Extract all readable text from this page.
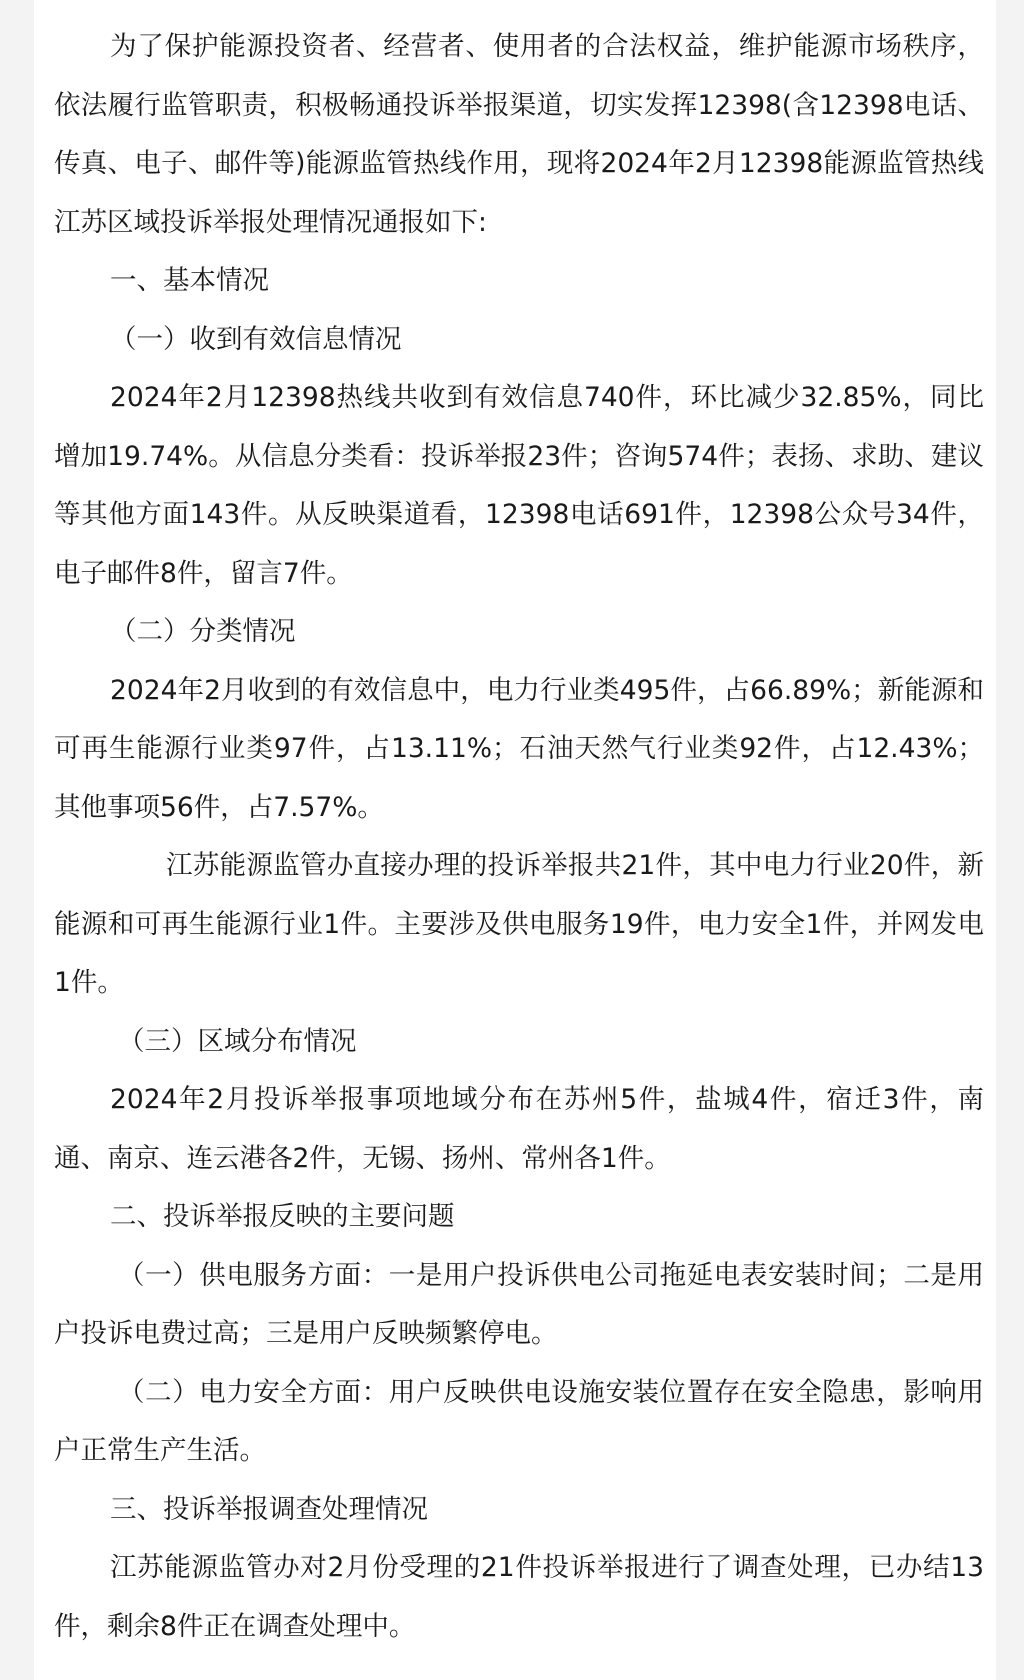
为了保护能源投资者、经营者、使用者的合法权益，维护能源市场秩序，依法履行监管职责，积极畅通投诉举报渠道，切实发挥12398(含12398电话、传真、电子、邮件等)能源监管热线作用，现将2024年2月12398能源监管热线江苏区域投诉举报处理情况通报如下:

一、基本情况

（一）收到有效信息情况

2024年2月12398热线共收到有效信息740件，环比减少32.85%，同比增加19.74%。从信息分类看：投诉举报23件；咨询574件；表扬、求助、建议等其他方面143件。从反映渠道看，12398电话691件，12398公众号34件，电子邮件8件，留言7件。

（二）分类情况

2024年2月收到的有效信息中，电力行业类495件，占66.89%；新能源和可再生能源行业类97件，占13.11%；石油天然气行业类92件，占12.43%；其他事项56件，占7.57%。

江苏能源监管办直接办理的投诉举报共21件，其中电力行业20件，新能源和可再生能源行业1件。主要涉及供电服务19件，电力安全1件，并网发电1件。

（三）区域分布情况

2024年2月投诉举报事项地域分布在苏州5件，盐城4件，宿迁3件，南通、南京、连云港各2件，无锡、扬州、常州各1件。

二、投诉举报反映的主要问题

（一）供电服务方面：一是用户投诉供电公司拖延电表安装时间；二是用户投诉电费过高；三是用户反映频繁停电。

（二）电力安全方面：用户反映供电设施安装位置存在安全隐患，影响用户正常生产生活。

三、投诉举报调查处理情况

江苏能源监管办对2月份受理的21件投诉举报进行了调查处理，已办结13件，剩余8件正在调查处理中。
